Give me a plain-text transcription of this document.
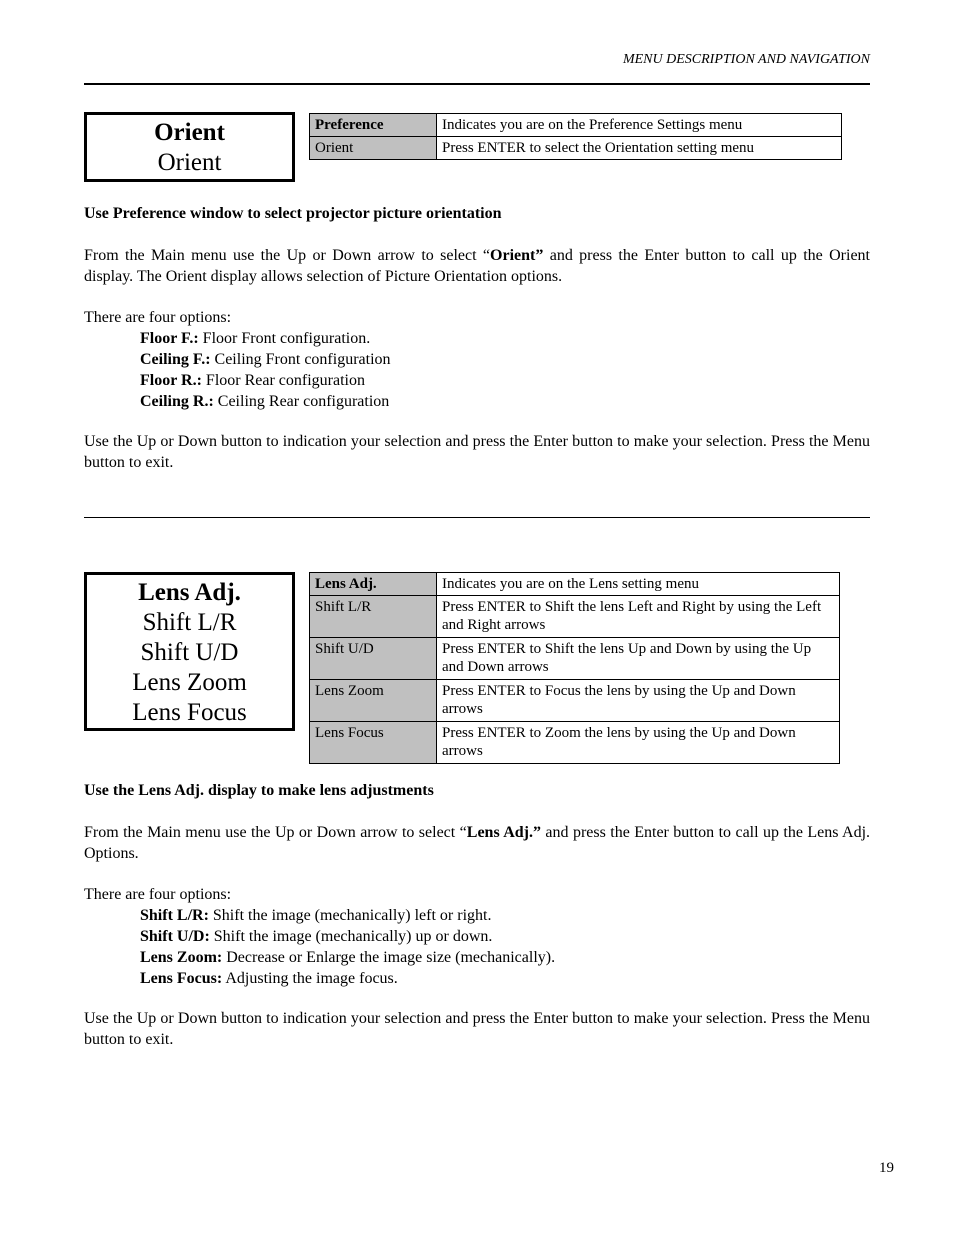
MENU DESCRIPTION AND NAVIGATION
Orient
Orient
Preference	Indicates you are on the Preference Settings menu
Orient	Press ENTER to select the Orientation setting menu
Use Preference window to select projector picture orientation
From the Main menu use the Up or Down arrow to select “Orient” and press the Enter button to call up the Orient display. The Orient display allows selection of Picture Orientation options.
There are four options:
Floor F.: Floor Front configuration.
Ceiling F.: Ceiling Front configuration
Floor R.: Floor Rear configuration
Ceiling R.: Ceiling Rear configuration
Use the Up or Down button to indication your selection and press the Enter button to make your selection. Press the Menu button to exit.
Lens Adj.
Shift L/R
Shift U/D
Lens Zoom
Lens Focus
Lens Adj.	Indicates you are on the Lens setting menu
Shift L/R	Press ENTER to Shift the lens Left and Right by using the Left and Right arrows
Shift U/D	Press ENTER to Shift the lens Up and Down by using the Up and Down arrows
Lens Zoom	Press ENTER to Focus the lens by using the Up and Down arrows
Lens Focus	Press ENTER to Zoom the lens by using the Up and Down arrows
Use the Lens Adj. display to make lens adjustments
From the Main menu use the Up or Down arrow to select “Lens Adj.” and press the Enter button to call up the Lens Adj. Options.
There are four options:
Shift L/R: Shift the image (mechanically) left or right.
Shift U/D: Shift the image (mechanically) up or down.
Lens Zoom: Decrease or Enlarge the image size (mechanically).
Lens Focus: Adjusting the image focus.
Use the Up or Down button to indication your selection and press the Enter button to make your selection. Press the Menu button to exit.
19
